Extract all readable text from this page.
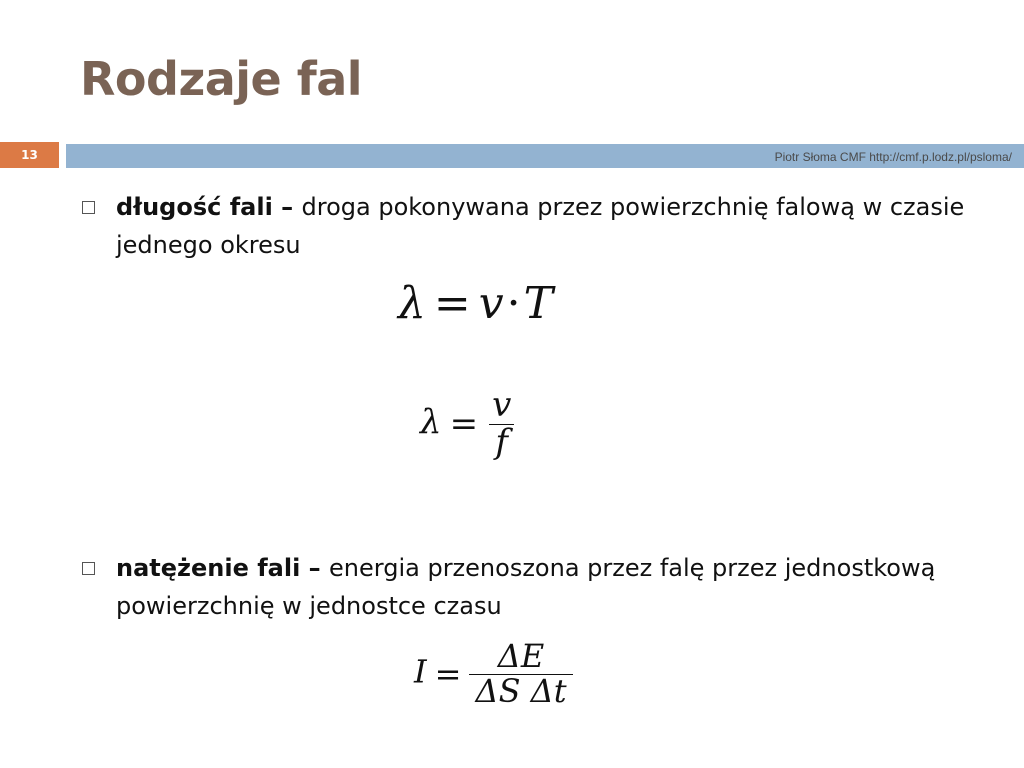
Rodzaje fal
13	Piotr Słoma CMF http://cmf.p.lodz.pl/psloma/
długość fali – droga pokonywana przez powierzchnię falową w czasie jednego okresu
λ = v·T
$\lambda = \frac{v}{f}$
natężenie fali – energia przenoszona przez falę przez jednostkową powierzchnię w jednostce czasu
$I = \frac{\Delta E}{\text{ΔS Δt}}$
